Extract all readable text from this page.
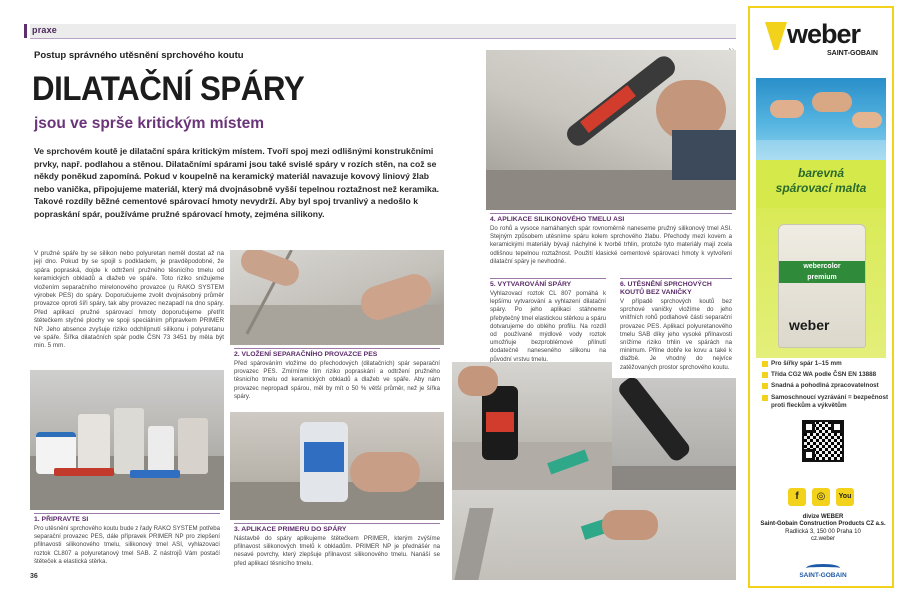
praxe
Postup správného utěsnění sprchového koutu
DILATAČNÍ SPÁRY
jsou ve sprše kritickým místem
Ve sprchovém koutě je dilatační spára kritickým místem. Tvoří spoj mezi odlišnými konstrukčními prvky, např. podlahou a stěnou. Dilatačními spárami jsou také svislé spáry v rozích stěn, na což se někdy poněkud zapomíná. Pokud v koupelně na keramický materiál navazuje kovový liniový žlab nebo vanička, připojujeme materiál, který má dvojnásobně vyšší tepelnou roztažnost než keramika. Takové rozdíly běžné cementové spárovací hmoty nevydrží. Aby byl spoj trvanlivý a nedošlo k popraskání spár, používáme pružné spárovací hmoty, zejména silikony.
V pružné spáře by se silikon nebo polyuretan neměl dostat až na její dno. Pokud by se spojil s podkladem, je pravděpodobné, že spára popraská, dojde k odtržení pružného těsnicího tmelu od keramických obkladů a dlažeb ve spáře. Toto riziko snižujeme vložením separačního mirelonového provazce (u RAKO SYSTEM výrobek PES) do spáry. Doporučujeme zvolit dvojnásobný průměr provazce oproti šíři spáry, tak aby provazec nezapadl na dno spáry. Před aplikací pružné spárovací hmoty doporučujeme přetřít štětečkem styčné plochy ve spoji speciálním přípravkem PRIMER NP. Jeho absence zvyšuje riziko odchlípnutí silikonu i polyuretanu ve spáře. Šířka dilatačních spár podle ČSN 73 3451 by měla být min. 5 mm.
1. PŘIPRAVTE SI
Pro utěsnění sprchového koutu bude z řady RAKO SYSTEM potřeba separační provazec PES, dále přípravek PRIMER NP pro zlepšení přilnavosti silikonového tmelu, silikonový tmel ASI, vyhlazovací roztok CL807 a polyuretanový tmel SAB. Z nástrojů Vám postačí štěteček a elastická stěrka.
2. VLOŽENÍ SEPARAČNÍHO PROVAZCE PES
Před spárováním vložíme do přechodových (dilatačních) spár separační provazec PES. Zmírníme tím riziko popraskání a odtržení pružného těsnicího tmelu od keramických obkladů a dlažeb ve spáře. Aby nám provazec nepropadl spárou, měl by mít o 50 % větší průměr, než je šířka spáry.
3. APLIKACE PRIMERU DO SPÁRY
Nástavbě do spáry aplikujeme štětečkem PRIMER, kterým zvýšíme přilnavost silikonových tmelů k obkladům. PRIMER NP je přednášér na nesavé povrchy, který zlepšuje přilnavost silikonového tmelu. Nanáší se před aplikací těsnicího tmelu.
4. APLIKACE SILIKONOVÉHO TMELU ASI
Do rohů a vysoce namáhaných spár rovnoměrně naneseme pružný silikonový tmel ASI. Stejným způsobem utěsníme spáru kolem sprchového žlabu. Přechody mezi kovem a keramickými materiály bývají náchylné k tvorbě trhlin, protože tyto materiály mají zcela odlišnou tepelnou roztažnost. Použití klasické cementové spárovací hmoty k vytvoření dilatační spáry je nevhodné.
5. VYTVAROVÁNÍ SPÁRY
Vyhlazovací roztok CL 807 pomáhá k lepšímu vytvarování a vyhlazení dilatační spáry. Po jeho aplikaci stáhneme přebytečný tmel elastickou stěrkou a spáru dotvarujeme do oblého profilu. Na rozdíl od používané mýdlové vody roztok umožňuje bezproblémové přilnutí dodatečně naneseného silikonu na původní vrstvu tmelu.
6. UTĚSNĚNÍ SPRCHOVÝCH KOUTŮ BEZ VANIČKY
V případě sprchových koutů bez sprchové vaničky vložíme do jeho vnitřních rohů podlahové části separační provazec PES. Aplikací polyuretanového tmelu SAB díky jeho vysoké přilnavosti snížíme riziko trhlin ve spárách na minimum. Přilne dobře ke kovu a také k dlažbě. Je vhodný do nejvíce zatěžovaných prostor sprchového koutu.
36
weber
SAINT-GOBAIN
barevná
spárovací malta
webercolor
premium
weber
Pro šířky spár 1–15 mm
Třída CG2 WA podle ČSN EN 13888
Snadná a pohodlná zpracovatelnost
Samoschnoucí vyzrávání = bezpečnost proti fleckům a výkvětům
f	◎	You
divize WEBER
Saint-Gobain Construction Products CZ a.s.
Radlická 3, 150 00 Praha 10
cz.weber
SAINT-GOBAIN
